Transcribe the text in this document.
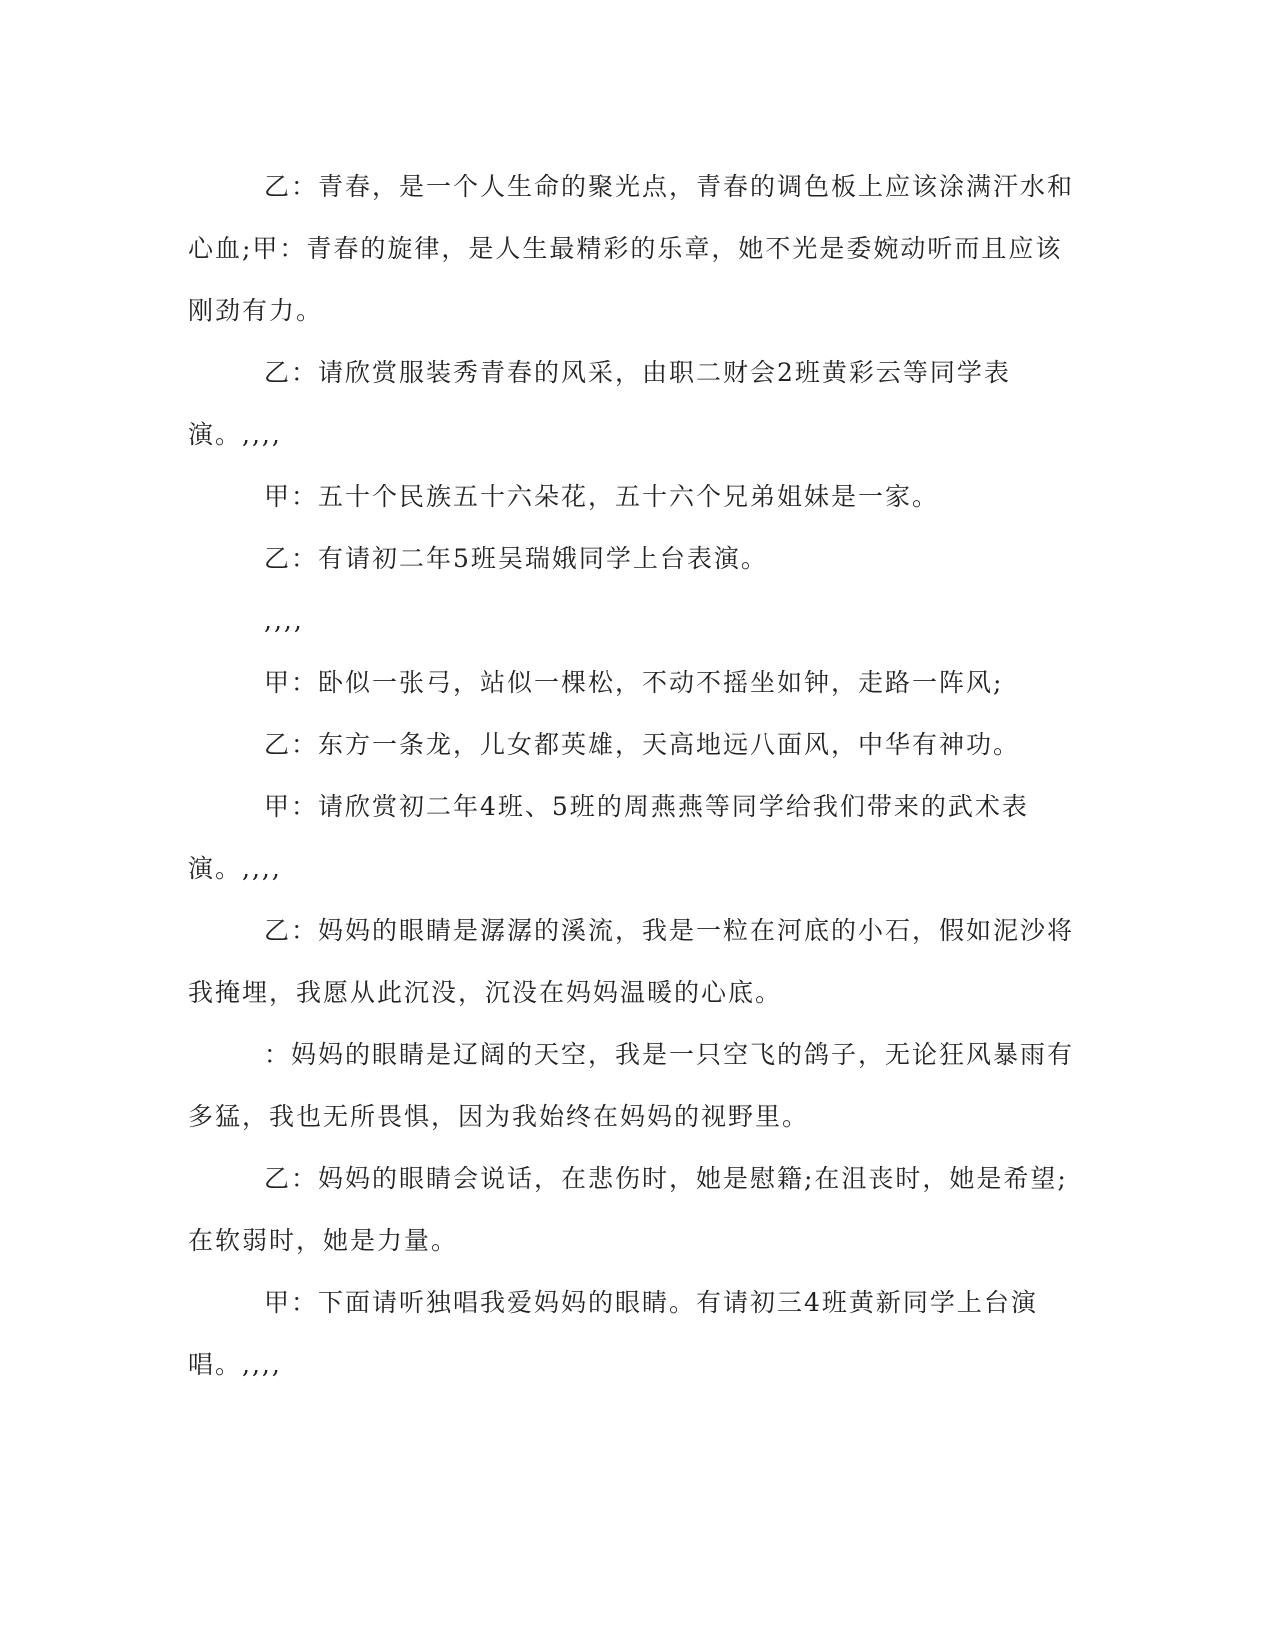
乙：青春，是一个人生命的聚光点，青春的调色板上应该涂满汗水和心血;甲：青春的旋律，是人生最精彩的乐章，她不光是委婉动听而且应该刚劲有力。

乙：请欣赏服装秀青春的风采，由职二财会2班黄彩云等同学表演。,,,,

甲：五十个民族五十六朵花，五十六个兄弟姐妹是一家。

乙：有请初二年5班吴瑞娥同学上台表演。

,,,,

甲：卧似一张弓，站似一棵松，不动不摇坐如钟，走路一阵风;

乙：东方一条龙，儿女都英雄，天高地远八面风，中华有神功。

甲：请欣赏初二年4班、5班的周燕燕等同学给我们带来的武术表演。,,,,

乙：妈妈的眼睛是潺潺的溪流，我是一粒在河底的小石，假如泥沙将我掩埋，我愿从此沉没，沉没在妈妈温暖的心底。

：妈妈的眼睛是辽阔的天空，我是一只空飞的鸽子，无论狂风暴雨有多猛，我也无所畏惧，因为我始终在妈妈的视野里。

乙：妈妈的眼睛会说话，在悲伤时，她是慰籍;在沮丧时，她是希望;在软弱时，她是力量。

甲：下面请听独唱我爱妈妈的眼睛。有请初三4班黄新同学上台演唱。,,,,
